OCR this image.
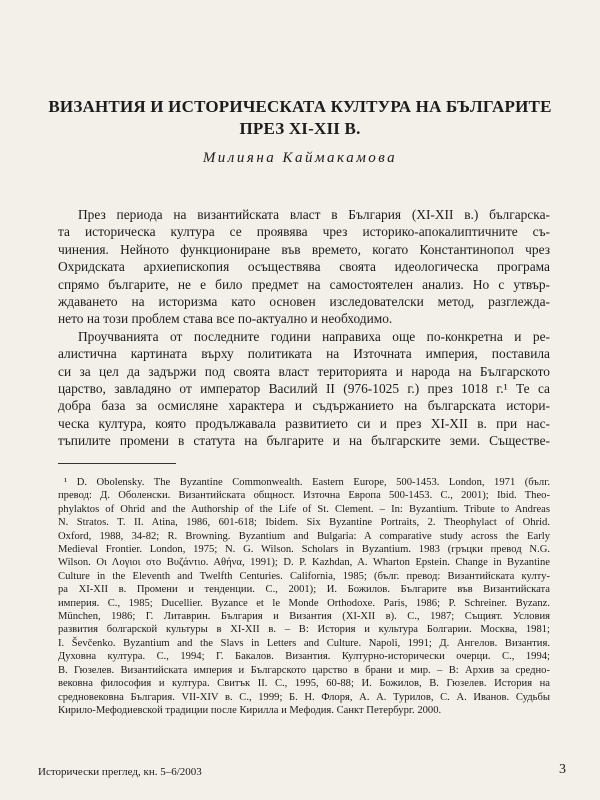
ВИЗАНТИЯ И ИСТОРИЧЕСКАТА КУЛТУРА НА БЪЛГАРИТЕ
ПРЕЗ XI-XII В.
Милияна Каймакамова
През периода на византийската власт в България (XI-XII в.) българска-
та историческа култура се проявява чрез историко-апокалиптичните съ-
чинения. Нейното функциониране във времето, когато Константинопол чрез
Охридската архиепископия осъществява своята идеологическа програма
спрямо българите, не е било предмет на самостоятелен анализ. Но с утвър-
ждаването на историзма като основен изследователски метод, разглежда-
нето на този проблем става все по-актуално и необходимо.
Проучванията от последните години направиха още по-конкретна и ре-
алистична картината върху политиката на Източната империя, поставила
си за цел да задържи под своята власт територията и народа на Българското
царство, завладяно от император Василий II (976-1025 г.) през 1018 г.¹ Те са
добра база за осмисляне характера и съдържанието на българската истори-
ческа култура, която продължавала развитието си и през XI-XII в. при нас-
тъпилите промени в статута на българите и на българските земи. Съществе-
¹ D. Obolensky. The Byzantine Commonwealth. Eastern Europe, 500-1453. London, 1971 (бълг.
превод: Д. Оболенски. Византийската общност. Източна Европа 500-1453. С., 2001); Ibid. Theo-
phylaktos of Ohrid and the Authorship of the Life of St. Clement. – In: Byzantium. Tribute to Andreas
N. Stratos. T. II. Atina, 1986, 601-618; Ibidem. Six Byzantine Portraits, 2. Theophylact of Ohrid.
Oxford, 1988, 34-82; R. Browning. Byzantium and Bulgaria: A comparative study across the Early
Medieval Frontier. London, 1975; N. G. Wilson. Scholars in Byzantium. 1983 (гръцки превод N.G.
Wilson. Οι Λογιοι στο Βυζάντιο. Αθήνα, 1991); D. P. Kazhdan, A. Wharton Epstein. Change in Byzantine
Culture in the Eleventh and Twelfth Centuries. California, 1985; (бълг. превод: Византийската култу-
ра XI-XII в. Промени и тенденции. С., 2001); И. Божилов. Българите във Византийската
империя. С., 1985; Ducellier. Byzance et le Monde Orthodoxe. Paris, 1986; P. Schreiner. Byzanz.
München, 1986; Г. Литаврин. България и Византия (XI-XII в). С., 1987; Същият. Условия
развития болгарской культуры в XI-XII в. – В: История и культура Болгарии. Москва, 1981;
I. Ševčenko. Byzantium and the Slavs in Letters and Culture. Napoli, 1991; Д. Ангелов. Византия.
Духовна култура. С., 1994; Г. Бакалов. Византия. Културно-исторически очерци. С., 1994;
В. Гюзелев. Византийската империя и Българското царство в брани и мир. – В: Архив за средно-
вековна философия и култура. Свитък II. С., 1995, 60-88; И. Божилов, В. Гюзелев. История на
средновековна България. VII-XIV в. С., 1999; Б. Н. Флоря, А. А. Турилов, С. А. Иванов. Судьбы
Кирило-Мефодиевской традиции после Кирилла и Мефодия. Санкт Петербург. 2000.
Исторически преглед, кн. 5–6/2003	3
